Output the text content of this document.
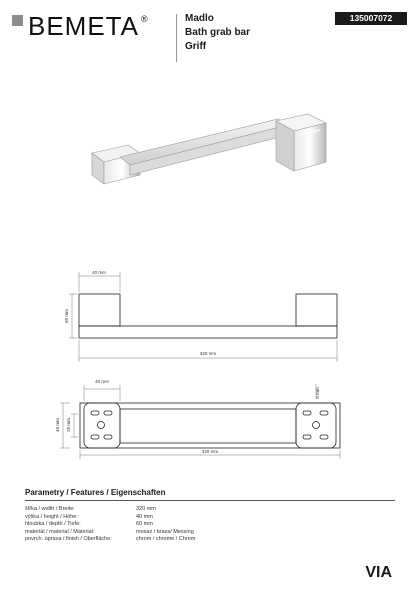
BEMETA ®	Madlo
Bath grab bar
Griff
135007072
40 mm
60 mm
320 mm
40 mm
8 mm
40 mm 25 mm
320 mm
Parametry / Features / Eigenschaften
šířka / width / Breite:	320 mm
výška / height / Höhe:	40 mm
hloubka / depth / Tiefe:	60 mm
materiál / material / Material:	mosaz / brass/ Messing
povrch. úprava / finish / Oberfläche:	chrom / chrome / Chrom
VIA
